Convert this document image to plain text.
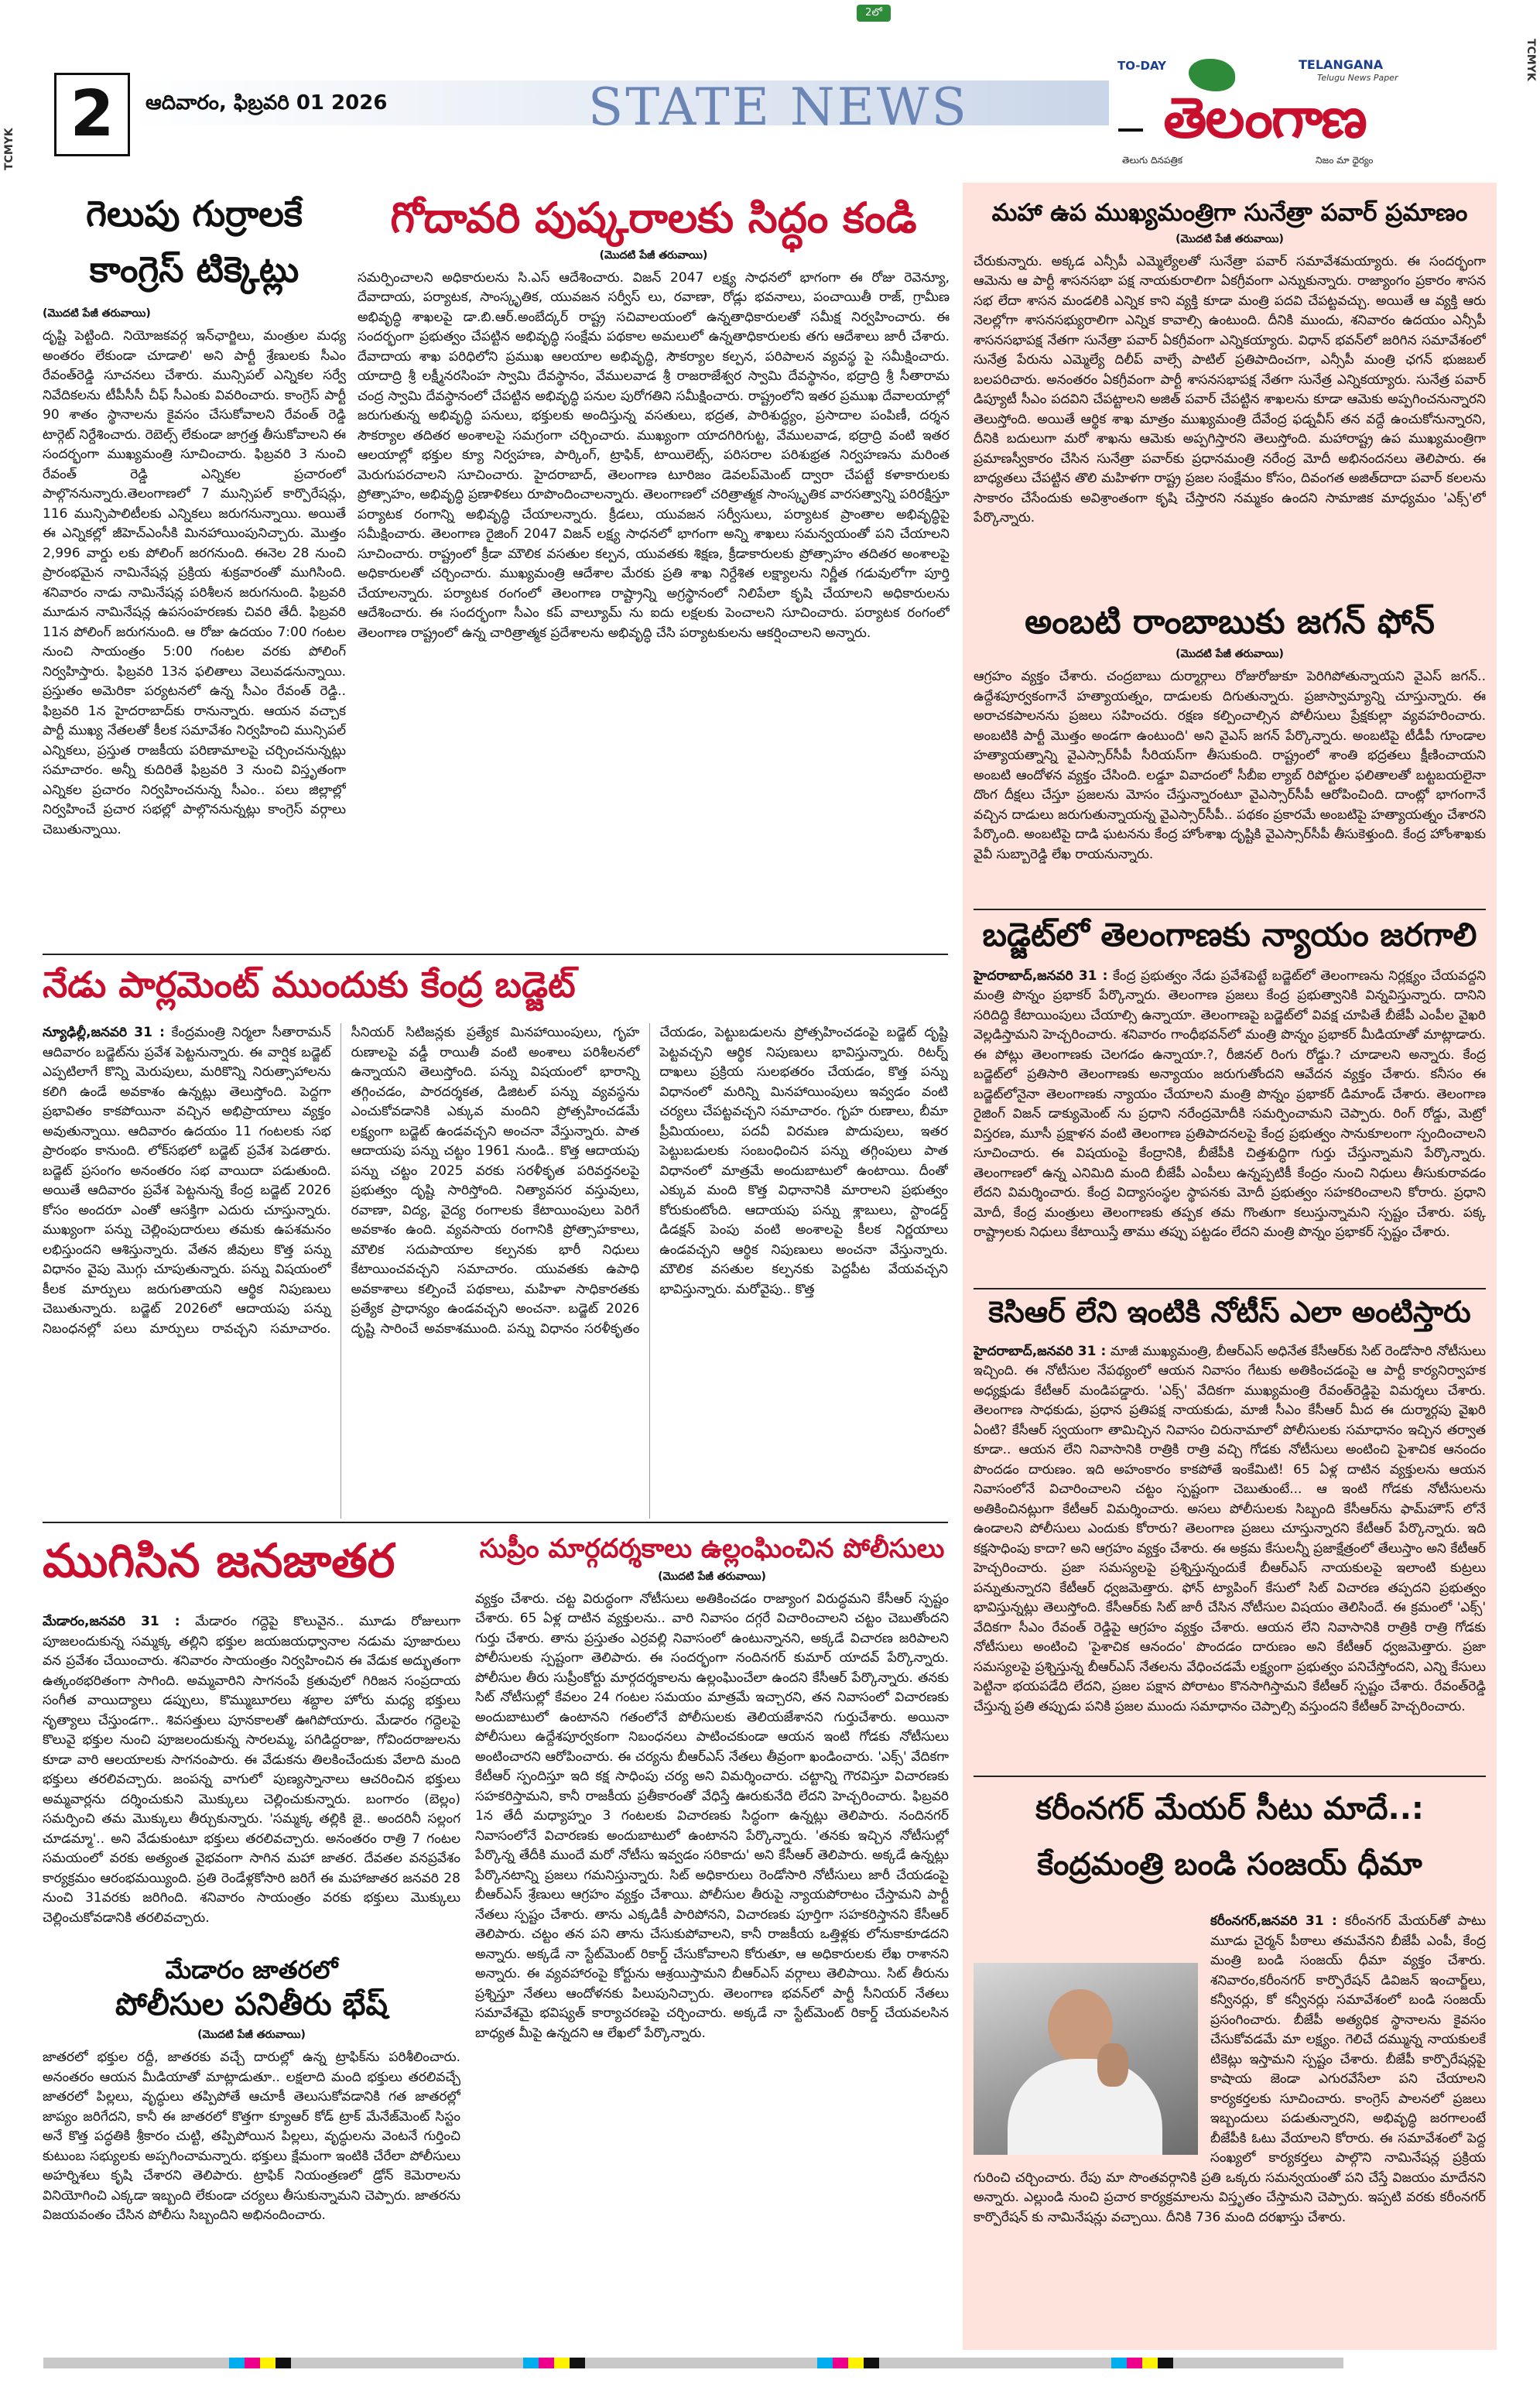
2లో
TCMYK
TCMYK
2	ఆదివారం, ఫిబ్రవరి 01 2026	STATE NEWS
TO-DAY	TELANGANA
Telugu News Paper
తెలంగాణ
తెలుగు దినపత్రిక	నిజం మా ధైర్యం
గెలుపు గుర్రాలకే
కాంగ్రెస్ టిక్కెట్లు
(మొదటి పేజీ తరువాయి)

దృష్టి పెట్టింది. నియోజకవర్గ ఇన్‌ఛార్జిలు, మంత్రుల మధ్య అంతరం లేకుండా చూడాలి' అని పార్టీ శ్రేణులకు సీఎం రేవంత్‌రెడ్డి సూచనలు చేశారు. మున్సిపల్ ఎన్నికల సర్వే నివేదికలను టీపీసీసీ చీఫ్ సీఎంకు వివరించారు. కాంగ్రెస్ పార్టీ 90 శాతం స్థానాలను కైవసం చేసుకోవాలని రేవంత్ రెడ్డి టార్గెట్ నిర్దేశించారు. రెబెల్స్ లేకుండా జాగ్రత్త తీసుకోవాలని ఈ సందర్భంగా ముఖ్యమంత్రి సూచించారు. ఫిబ్రవరి 3 నుంచి రేవంత్ రెడ్డి ఎన్నికల ప్రచారంలో పాల్గొననున్నారు.తెలంగాణలో 7 మున్సిపల్ కార్పొరేషన్లు, 116 మున్సిపాలిటీలకు ఎన్నికలు జరుగనున్నాయి. అయితే ఈ ఎన్నికల్లో జీహెచ్ఎంసీకి మినహాయింపునిచ్చారు. మొత్తం 2,996 వార్డు లకు పోలింగ్ జరగనుంది. ఈనెల 28 నుంచి ప్రారంభమైన నామినేషన్ల ప్రక్రియ శుక్రవారంతో ముగిసింది. శనివారం నాడు నామినేషన్ల పరిశీలన జరుగనుంది. ఫిబ్రవరి మూడున నామినేషన్ల ఉపసంహరణకు చివరి తేదీ. ఫిబ్రవరి 11న పోలింగ్ జరుగనుంది. ఆ రోజు ఉదయం 7:00 గంటల నుంచి సాయంత్రం 5:00 గంటల వరకు పోలింగ్ నిర్వహిస్తారు. ఫిబ్రవరి 13న ఫలితాలు వెలువడనున్నాయి. ప్రస్తుతం అమెరికా పర్యటనలో ఉన్న సీఎం రేవంత్ రెడ్డి.. ఫిబ్రవరి 1న హైదరాబాద్‌కు రానున్నారు. ఆయన వచ్చాక పార్టీ ముఖ్య నేతలతో కీలక సమావేశం నిర్వహించి మున్సిపల్ ఎన్నికలు, ప్రస్తుత రాజకీయ పరిణామాలపై చర్చించనున్నట్లు సమాచారం. అన్నీ కుదిరితే ఫిబ్రవరి 3 నుంచి విస్తృతంగా ఎన్నికల ప్రచారం నిర్వహించనున్న సీఎం.. పలు జిల్లాల్లో నిర్వహించే ప్రచార సభల్లో పాల్గొననున్నట్లు కాంగ్రెస్ వర్గాలు చెబుతున్నాయి.

గోదావరి పుష్కరాలకు సిద్ధం కండి
(మొదటి పేజీ తరువాయి)

సమర్పించాలని అధికారులను సి.ఎస్ ఆదేశించారు. విజన్ 2047 లక్ష్య సాధనలో భాగంగా ఈ రోజు రెవెన్యూ, దేవాదాయ, పర్యాటక, సాంస్కృతిక, యువజన సర్వీస్ లు, రవాణా, రోడ్లు భవనాలు, పంచాయితీ రాజ్, గ్రామీణ అభివృద్ధి శాఖలపై డా.బి.ఆర్.అంబేద్కర్ రాష్ట్ర సచివాలయంలో ఉన్నతాధికారులతో సమీక్ష నిర్వహించారు. ఈ సందర్భంగా ప్రభుత్వం చేపట్టిన అభివృద్ధి సంక్షేమ పథకాల అమలులో ఉన్నతాధికారులకు తగు ఆదేశాలు జారీ చేశారు. దేవాదాయ శాఖ పరిధిలోని ప్రముఖ ఆలయాల అభివృద్ధి, సౌకర్యాల కల్పన, పరిపాలన వ్యవస్థ పై సమీక్షించారు. యాదాద్రి శ్రీ లక్ష్మీనరసింహ స్వామి దేవస్థానం, వేములవాడ శ్రీ రాజరాజేశ్వర స్వామి దేవస్థానం, భద్రాద్రి శ్రీ సీతారామ చంద్ర స్వామి దేవస్థానంలో చేపట్టిన అభివృద్ధి పనుల పురోగతిని సమీక్షించారు. రాష్ట్రంలోని ఇతర ప్రముఖ దేవాలయాల్లో జరుగుతున్న అభివృద్ధి పనులు, భక్తులకు అందిస్తున్న వసతులు, భద్రత, పారిశుద్ధ్యం, ప్రసాదాల పంపిణీ, దర్శన సౌకర్యాల తదితర అంశాలపై సమగ్రంగా చర్చించారు. ముఖ్యంగా యాదగిరిగుట్ట, వేములవాడ, భద్రాద్రి వంటి ఇతర ఆలయాల్లో భక్తుల క్యూ నిర్వహణ, పార్కింగ్, ట్రాఫిక్, టాయిలెట్స్, పరిసరాల పరిశుభ్రత నిర్వహణను మరింత మెరుగుపరచాలని సూచించారు. హైదరాబాద్, తెలంగాణ టూరిజం డెవలప్‌మెంట్ ద్వారా చేపట్టే కళాకారులకు ప్రోత్సాహం, అభివృద్ధి ప్రణాళికలు రూపొందించాలన్నారు. తెలంగాణలో చరిత్రాత్మక సాంస్కృతిక వారసత్వాన్ని పరిరక్షిస్తూ పర్యాటక రంగాన్ని అభివృద్ధి చేయాలన్నారు. క్రీడలు, యువజన సర్వీసులు, పర్యాటక ప్రాంతాల అభివృద్ధిపై సమీక్షించారు. తెలంగాణ రైజింగ్ 2047 విజన్ లక్ష్య సాధనలో భాగంగా అన్ని శాఖలు సమన్వయంతో పని చేయాలని సూచించారు. రాష్ట్రంలో క్రీడా మౌలిక వసతుల కల్పన, యువతకు శిక్షణ, క్రీడాకారులకు ప్రోత్సాహం తదితర అంశాలపై అధికారులతో చర్చించారు. ముఖ్యమంత్రి ఆదేశాల మేరకు ప్రతి శాఖ నిర్దేశిత లక్ష్యాలను నిర్ణీత గడువులోగా పూర్తి చేయాలన్నారు. పర్యాటక రంగంలో తెలంగాణ రాష్ట్రాన్ని అగ్రస్థానంలో నిలిపేలా కృషి చేయాలని అధికారులను ఆదేశించారు. ఈ సందర్భంగా సీఎం కప్ వాల్యూమ్ ను ఐదు లక్షలకు పెంచాలని సూచించారు. పర్యాటక రంగంలో తెలంగాణ రాష్ట్రంలో ఉన్న చారిత్రాత్మక ప్రదేశాలను అభివృద్ధి చేసి పర్యాటకులను ఆకర్షించాలని అన్నారు.

మహా ఉప ముఖ్యమంత్రిగా సునేత్రా పవార్ ప్రమాణం
(మొదటి పేజీ తరువాయి)

చేరుకున్నారు. అక్కడ ఎన్సీపీ ఎమ్మెల్యేలతో సునేత్రా పవార్ సమావేశమయ్యారు. ఈ సందర్భంగా ఆమెను ఆ పార్టీ శాసనసభా పక్ష నాయకురాలిగా ఏకగ్రీవంగా ఎన్నుకున్నారు. రాజ్యాంగం ప్రకారం శాసన సభ లేదా శాసన మండలికి ఎన్నిక కాని వ్యక్తి కూడా మంత్రి పదవి చేపట్టవచ్చు. అయితే ఆ వ్యక్తి ఆరు నెలల్లోగా శాసనసభ్యురాలిగా ఎన్నిక కావాల్సి ఉంటుంది. దీనికి ముందు, శనివారం ఉదయం ఎన్సీపీ శాసనసభాపక్ష నేతగా సునేత్రా పవార్ ఏకగ్రీవంగా ఎన్నికయ్యారు. విధాన్ భవన్‌లో జరిగిన సమావేశంలో సునేత్ర పేరును ఎమ్మెల్యే దిలీప్ వాల్సే పాటిల్ ప్రతిపాదించగా, ఎన్సీపీ మంత్రి ఛగన్ భుజబల్ బలపరిచారు. అనంతరం ఏకగ్రీవంగా పార్టీ శాసనసభాపక్ష నేతగా సునేత్ర ఎన్నికయ్యారు. సునేత్ర పవార్ డిప్యూటీ సీఎం పదవిని చేపట్టాలని అజిత్ పవార్ చేపట్టిన శాఖలను కూడా ఆమెకు అప్పగించనున్నారని తెలుస్తోంది. అయితే ఆర్థిక శాఖ మాత్రం ముఖ్యమంత్రి దేవేంద్ర ఫడ్నవీస్ తన వద్దే ఉంచుకోనున్నారని, దీనికి బదులుగా మరో శాఖను ఆమెకు అప్పగిస్తారని తెలుస్తోంది. మహారాష్ట్ర ఉప ముఖ్యమంత్రిగా ప్రమాణస్వీకారం చేసిన సునేత్రా పవార్‌కు ప్రధానమంత్రి నరేంద్ర మోదీ అభినందనలు తెలిపారు. ఈ బాధ్యతలు చేపట్టిన తొలి మహిళగా రాష్ట్ర ప్రజల సంక్షేమం కోసం, దివంగత అజిత్‌దాదా పవార్ కలలను సాకారం చేసేందుకు అవిశ్రాంతంగా కృషి చేస్తారని నమ్మకం ఉందని సామాజిక మాధ్యమం 'ఎక్స్'లో పేర్కొన్నారు.

అంబటి రాంబాబుకు జగన్ ఫోన్
(మొదటి పేజీ తరువాయి)

ఆగ్రహం వ్యక్తం చేశారు. చంద్రబాబు దుర్మార్గాలు రోజురోజుకూ పెరిగిపోతున్నాయని వైఎస్ జగన్.. ఉద్దేశపూర్వకంగానే హత్యాయత్నం, దాడులకు దిగుతున్నారు. ప్రజాస్వామ్యాన్ని చూస్తున్నారు. ఈ అరాచకపాలనను ప్రజలు సహించరు. రక్షణ కల్పించాల్సిన పోలీసులు ప్రేక్షకుల్లా వ్యవహరించారు. అంబటికి పార్టీ మొత్తం అండగా ఉంటుంది' అని వైఎస్ జగన్ పేర్కొన్నారు. అంబటిపై టీడీపీ గూండాల హత్యాయత్నాన్ని వైఎస్సార్‌సీపీ సీరియస్‌గా తీసుకుంది. రాష్ట్రంలో శాంతి భద్రతలు క్షీణించాయని అంబటి ఆందోళన వ్యక్తం చేసింది. లడ్డూ వివాదంలో సీబీఐ ల్యాబ్ రిపోర్టుల ఫలితాలతో బట్టబయలైనా దొంగ దీక్షలు చేస్తూ ప్రజలను మోసం చేస్తున్నారంటూ వైఎస్సార్‌సీపీ ఆరోపించింది. దాంట్లో భాగంగానే వచ్చిన దాడులు జరుగుతున్నాయన్న వైఎస్సార్‌సీపీ.. పథకం ప్రకారమే అంబటిపై హత్యాయత్నం చేశారని పేర్కొంది. అంబటిపై దాడి ఘటనను కేంద్ర హోంశాఖ దృష్టికి వైఎస్సార్‌సీపీ తీసుకెళ్తుంది. కేంద్ర హోంశాఖకు వైవీ సుబ్బారెడ్డి లేఖ రాయనున్నారు.

బడ్జెట్‌లో తెలంగాణకు న్యాయం జరగాలి

హైదరాబాద్,జనవరి 31 : కేంద్ర ప్రభుత్వం నేడు ప్రవేశపెట్టే బడ్జెట్‌లో తెలంగాణను నిర్లక్ష్యం చేయవద్దని మంత్రి పొన్నం ప్రభాకర్ పేర్కొన్నారు. తెలంగాణ ప్రజలు కేంద్ర ప్రభుత్వానికి విన్నవిస్తున్నారు. దానిని సరిదిద్ది కేటాయింపులు చేయాల్సి ఉన్నాయా. తెలంగాణపై బడ్జెట్‌లో వివక్ష చూపితే బీజేపీ ఎంపీల వైఖరి వెల్లడిస్తామని హెచ్చరించారు. శనివారం గాంధీభవన్‌లో మంత్రి పొన్నం ప్రభాకర్ మీడియాతో మాట్లాడారు. ఈ పోట్లు తెలంగాణకు చెలగడం ఉన్నాయా.?, రీజినల్ రింగు రోడ్డు.? చూడాలని అన్నారు. కేంద్ర బడ్జెట్‌లో ప్రతిసారి తెలంగాణకు అన్యాయం జరుగుతోందని ఆవేదన వ్యక్తం చేశారు. కనీసం ఈ బడ్జెట్‌లోనైనా తెలంగాణకు న్యాయం చేయాలని మంత్రి పొన్నం ప్రభాకర్ డిమాండ్ చేశారు. తెలంగాణ రైజింగ్ విజన్ డాక్యుమెంట్ ను ప్రధాని నరేంద్రమోదీకి సమర్పించామని చెప్పారు. రింగ్ రోడ్డు, మెట్రో విస్తరణ, మూసీ ప్రక్షాళన వంటి తెలంగాణ ప్రతిపాదనలపై కేంద్ర ప్రభుత్వం సానుకూలంగా స్పందించాలని సూచించారు. ఈ విషయంపై కేంద్రానికి, బీజేపీకి చిత్తశుద్ధిగా గుర్తు చేస్తున్నామని పేర్కొన్నారు. తెలంగాణలో ఉన్న ఎనిమిది మంది బీజేపీ ఎంపీలు ఉన్నప్పటికీ కేంద్రం నుంచి నిధులు తీసుకురావడం లేదని విమర్శించారు. కేంద్ర విద్యాసంస్థల స్థాపనకు మోదీ ప్రభుత్వం సహకరించాలని కోరారు. ప్రధాని మోదీ, కేంద్ర మంత్రులు తెలంగాణకు తప్పక తమ గొంతుగా కలుస్తున్నామని స్పష్టం చేశారు. పక్క రాష్ట్రాలకు నిధులు కేటాయిస్తే తాము తప్పు పట్టడం లేదని మంత్రి పొన్నం ప్రభాకర్ స్పష్టం చేశారు.

కెసిఆర్ లేని ఇంటికి నోటీస్ ఎలా అంటిస్తారు

హైదరాబాద్,జనవరి 31 : మాజీ ముఖ్యమంత్రి, బీఆర్ఎస్ అధినేత కేసీఆర్‌కు సిట్ రెండోసారి నోటీసులు ఇచ్చింది. ఈ నోటీసుల నేపథ్యంలో ఆయన నివాసం గేటుకు అతికించడంపై ఆ పార్టీ కార్యనిర్వాహక అధ్యక్షుడు కేటీఆర్ మండిపడ్డారు. 'ఎక్స్' వేదికగా ముఖ్యమంత్రి రేవంత్‌రెడ్డిపై విమర్శలు చేశారు. తెలంగాణ సాధకుడు, ప్రధాన ప్రతిపక్ష నాయకుడు, మాజీ సీఎం కేసీఆర్ మీద ఈ దుర్మార్గపు వైఖరి ఏంటి? కేసీఆర్ స్వయంగా తామిచ్చిన నివాసం చిరునామాలో పోలీసులకు సమాధానం ఇచ్చిన తర్వాత కూడా.. ఆయన లేని నివాసానికి రాత్రికి రాత్రి వచ్చి గోడకు నోటీసులు అంటించి పైశాచిక ఆనందం పొందడం దారుణం. ఇది అహంకారం కాకపోతే ఇంకేమిటి! 65 ఏళ్ల దాటిన వ్యక్తులను ఆయన నివాసంలోనే విచారించాలని చట్టం స్పష్టంగా చెబుతుంటే... ఆ ఇంటి గోడకు నోటీసులను అతికించినట్లుగా కేటీఆర్ విమర్శించారు. అసలు పోలీసులకు సిబ్బంది కేసీఆర్‌ను ఫామ్‌హౌస్ లోనే ఉండాలని పోలీసులు ఎందుకు కోరారు? తెలంగాణ ప్రజలు చూస్తున్నారని కేటీఆర్ పేర్కొన్నారు. ఇది కక్షసాధింపు కాదా? అని ఆగ్రహం వ్యక్తం చేశారు. ఈ అక్రమ కేసులన్నీ ప్రజాక్షేత్రంలో తేలుస్తాం అని కేటీఆర్ హెచ్చరించారు. ప్రజా సమస్యలపై ప్రశ్నిస్తున్నందుకే బీఆర్ఎస్ నాయకులపై ఇలాంటి కుట్రలు పన్నుతున్నారని కేటీఆర్ ధ్వజమెత్తారు. ఫోన్ ట్యాపింగ్ కేసులో సిట్ విచారణ తప్పదని ప్రభుత్వం భావిస్తున్నట్లు తెలుస్తోంది. కేసీఆర్‌కు సిట్ జారీ చేసిన నోటీసుల విషయం తెలిసిందే. ఈ క్రమంలో 'ఎక్స్' వేదికగా సీఎం రేవంత్ రెడ్డిపై ఆగ్రహం వ్యక్తం చేశారు. ఆయన లేని నివాసానికి రాత్రికి రాత్రి గోడకు నోటీసులు అంటించి 'పైశాచిక ఆనందం' పొందడం దారుణం అని కేటీఆర్ ధ్వజమెత్తారు. ప్రజా సమస్యలపై ప్రశ్నిస్తున్న బీఆర్ఎస్ నేతలను వేధించడమే లక్ష్యంగా ప్రభుత్వం పనిచేస్తోందని, ఎన్ని కేసులు పెట్టినా భయపడేది లేదని, ప్రజల పక్షాన పోరాటం కొనసాగిస్తామని కేటీఆర్ స్పష్టం చేశారు. రేవంత్‌రెడ్డి చేస్తున్న ప్రతి తప్పుడు పనికి ప్రజల ముందు సమాధానం చెప్పాల్సి వస్తుందని కేటీఆర్ హెచ్చరించారు.

కరీంనగర్ మేయర్ సీటు మాదే..:
కేంద్రమంత్రి బండి సంజయ్ ధీమా

కరీంనగర్,జనవరి 31 : కరీంనగర్ మేయర్‌తో పాటు మూడు చైర్మన్ పీఠాలు తమవేనని బీజేపీ ఎంపీ, కేంద్ర మంత్రి బండి సంజయ్ ధీమా వ్యక్తం చేశారు. శనివారం,కరీంనగర్ కార్పొరేషన్ డివిజన్ ఇంచార్జ్‌లు, కన్వీనర్లు, కో కన్వీనర్లు సమావేశంలో బండి సంజయ్ ప్రసంగించారు. బీజేపీ అత్యధిక స్థానాలను కైవసం చేసుకోవడమే మా లక్ష్యం. గెలిచే దమ్మున్న నాయకులకే టికెట్లు ఇస్తామని స్పష్టం చేశారు. బీజేపీ కార్పొరేషన్లపై కాషాయ జెండా ఎగురవేసేలా పని చేయాలని కార్యకర్తలకు సూచించారు. కాంగ్రెస్ పాలనలో ప్రజలు ఇబ్బందులు పడుతున్నారని, అభివృద్ధి జరగాలంటే బీజేపీకి ఓటు వేయాలని కోరారు. ఈ సమావేశంలో పెద్ద సంఖ్యలో కార్యకర్తలు పాల్గొని నామినేషన్ల ప్రక్రియ గురించి చర్చించారు. రేపు మా సొంతవర్గానికి ప్రతి ఒక్కరు సమన్వయంతో పని చేస్తే విజయం మాదేనని అన్నారు. ఎల్లుండి నుంచి ప్రచార కార్యక్రమాలను విస్తృతం చేస్తామని చెప్పారు. ఇప్పటి వరకు కరీంనగర్ కార్పొరేషన్ కు నామినేషన్లు వచ్చాయి. దీనికి 736 మంది దరఖాస్తు చేశారు.

నేడు పార్లమెంట్ ముందుకు కేంద్ర బడ్జెట్

న్యూఢిల్లీ,జనవరి 31 : కేంద్రమంత్రి నిర్మలా సీతారామన్ ఆదివారం బడ్జెట్‌ను ప్రవేశ పెట్టనున్నారు. ఈ వార్షిక బడ్జెట్ ఎప్పటిలాగే కొన్ని మెరుపులు, మరికొన్ని నిరుత్సాహాలను కలిగి ఉండే అవకాశం ఉన్నట్లు తెలుస్తోంది. పెద్దగా ప్రభావితం కాకపోయినా వచ్చిన అభిప్రాయాలు వ్యక్తం అవుతున్నాయి. ఆదివారం ఉదయం 11 గంటలకు సభ ప్రారంభం కానుంది. లోక్‌సభలో బడ్జెట్ ప్రవేశ పెడతారు. బడ్జెట్ ప్రసంగం అనంతరం సభ వాయిదా పడుతుంది. అయితే ఆదివారం ప్రవేశ పెట్టనున్న కేంద్ర బడ్జెట్ 2026 కోసం అందరూ ఎంతో ఆసక్తిగా ఎదురు చూస్తున్నారు. ముఖ్యంగా పన్ను చెల్లింపుదారులు తమకు ఉపశమనం లభిస్తుందని ఆశిస్తున్నారు. వేతన జీవులు కొత్త పన్ను విధానం వైపు మొగ్గు చూపుతున్నారు. పన్ను విషయంలో కీలక మార్పులు జరుగుతాయని ఆర్థిక నిపుణులు చెబుతున్నారు. బడ్జెట్ 2026లో ఆదాయపు పన్ను నిబంధనల్లో పలు మార్పులు రావచ్చని సమాచారం. సీనియర్ సిటిజన్లకు ప్రత్యేక మినహాయింపులు, గృహ రుణాలపై వడ్డీ రాయితీ వంటి అంశాలు పరిశీలనలో ఉన్నాయని తెలుస్తోంది. పన్ను విషయంలో భారాన్ని తగ్గించడం, పారదర్శకత, డిజిటల్ పన్ను వ్యవస్థను ఎంచుకోవడానికి ఎక్కువ మందిని ప్రోత్సహించడమే లక్ష్యంగా బడ్జెట్ ఉండవచ్చని అంచనా వేస్తున్నారు. పాత ఆదాయపు పన్ను చట్టం 1961 నుండి.. కొత్త ఆదాయపు పన్ను చట్టం 2025 వరకు సరళీకృత పరివర్తనలపై ప్రభుత్వం దృష్టి సారిస్తోంది. నిత్యావసర వస్తువులు, రవాణా, విద్య, వైద్య రంగాలకు కేటాయింపులు పెరిగే అవకాశం ఉంది. వ్యవసాయ రంగానికి ప్రోత్సాహకాలు, మౌలిక సదుపాయాల కల్పనకు భారీ నిధులు కేటాయించవచ్చని సమాచారం. యువతకు ఉపాధి అవకాశాలు కల్పించే పథకాలు, మహిళా సాధికారతకు ప్రత్యేక ప్రాధాన్యం ఉండవచ్చని అంచనా. బడ్జెట్ 2026 దృష్టి సారించే అవకాశముంది. పన్ను విధానం సరళీకృతం చేయడం, పెట్టుబడులను ప్రోత్సహించడంపై బడ్జెట్ దృష్టి పెట్టవచ్చని ఆర్థిక నిపుణులు భావిస్తున్నారు. రిటర్న్ దాఖలు ప్రక్రియ సులభతరం చేయడం, కొత్త పన్ను విధానంలో మరిన్ని మినహాయింపులు ఇవ్వడం వంటి చర్యలు చేపట్టవచ్చని సమాచారం. గృహ రుణాలు, బీమా ప్రీమియంలు, పదవీ విరమణ పొదుపులు, ఇతర పెట్టుబడులకు సంబంధించిన పన్ను తగ్గింపులు పాత విధానంలో మాత్రమే అందుబాటులో ఉంటాయి. దీంతో ఎక్కువ మంది కొత్త విధానానికి మారాలని ప్రభుత్వం కోరుకుంటోంది. ఆదాయపు పన్ను శ్లాబులు, స్టాండర్డ్ డిడక్షన్ పెంపు వంటి అంశాలపై కీలక నిర్ణయాలు ఉండవచ్చని ఆర్థిక నిపుణులు అంచనా వేస్తున్నారు. మౌలిక వసతుల కల్పనకు పెద్దపీట వేయవచ్చని భావిస్తున్నారు. మరోవైపు.. కొత్త

ముగిసిన జనజాతర

మేడారం,జనవరి 31 : మేడారం గద్దెపై కొలువైన.. మూడు రోజులుగా పూజలందుకున్న సమ్మక్క తల్లిని భక్తుల జయజయధ్వానాల నడుమ పూజారులు వన ప్రవేశం చేయించారు. శనివారం సాయంత్రం నిర్వహించిన ఈ వేడుక అద్భుతంగా ఉత్కంఠభరితంగా సాగింది. అమ్మవారిని సాగనంపే క్రతువులో గిరిజన సంప్రదాయ సంగీత వాయిద్యాలు డప్పులు, కొమ్ముబూరలు శబ్దాల హోరు మధ్య భక్తులు నృత్యాలు చేస్తుండగా.. శివసత్తులు పూనకాలతో ఊగిపోయారు. మేడారం గద్దెలపై కొలువై భక్తుల నుంచి పూజలందుకున్న సారలమ్మ, పగిడిద్దరాజు, గోవిందరాజులను కూడా వారి ఆలయాలకు సాగనంపారు. ఈ వేడుకను తిలకించేందుకు వేలాది మంది భక్తులు తరలివచ్చారు. జంపన్న వాగులో పుణ్యస్నానాలు ఆచరించిన భక్తులు అమ్మవార్లను దర్శించుకుని మొక్కులు చెల్లించుకున్నారు. బంగారం (బెల్లం) సమర్పించి తమ మొక్కులు తీర్చుకున్నారు. 'సమ్మక్క తల్లికి జై.. అందరినీ సల్లంగ చూడమ్మా'.. అని వేడుకుంటూ భక్తులు తరలివచ్చారు. అనంతరం రాత్రి 7 గంటల సమయంలో వరకు అత్యంత వైభవంగా సాగిన మహా జాతర. దేవతల వనప్రవేశం కార్యక్రమం ఆరంభమయ్యింది. ప్రతి రెండేళ్లకోసారి జరిగే ఈ మహాజాతర జనవరి 28 నుంచి 31వరకు జరిగింది. శనివారం సాయంత్రం వరకు భక్తులు మొక్కులు చెల్లించుకోవడానికి తరలివచ్చారు.

మేడారం జాతరలో
పోలీసుల పనితీరు భేష్
(మొదటి పేజీ తరువాయి)

జాతరలో భక్తుల రద్దీ, జాతరకు వచ్చే దారుల్లో ఉన్న ట్రాఫిక్‌ను పరిశీలించారు. అనంతరం ఆయన మీడియాతో మాట్లాడుతూ.. లక్షలాది మంది భక్తులు తరలివచ్చే జాతరలో పిల్లలు, వృద్ధులు తప్పిపోతే ఆచూకీ తెలుసుకోవడానికి గత జాతరల్లో జాప్యం జరిగేదని, కానీ ఈ జాతరలో కొత్తగా క్యూఆర్ కోడ్ ట్రాక్ మేనేజ్‌మెంట్ సిస్టం అనే కొత్త పద్ధతికి శ్రీకారం చుట్టి, తప్పిపోయిన పిల్లలు, వృద్ధులను వెంటనే గుర్తించి కుటుంబ సభ్యులకు అప్పగించామన్నారు. భక్తులు క్షేమంగా ఇంటికి చేరేలా పోలీసులు అహర్నిశలు కృషి చేశారని తెలిపారు. ట్రాఫిక్ నియంత్రణలో డ్రోన్ కెమెరాలను వినియోగించి ఎక్కడా ఇబ్బంది లేకుండా చర్యలు తీసుకున్నామని చెప్పారు. జాతరను విజయవంతం చేసిన పోలీసు సిబ్బందిని అభినందించారు.

సుప్రీం మార్గదర్శకాలు ఉల్లంఘించిన పోలీసులు
(మొదటి పేజీ తరువాయి)

వ్యక్తం చేశారు. చట్ట విరుద్ధంగా నోటీసులు అతికించడం రాజ్యాంగ విరుద్ధమని కేసీఆర్ స్పష్టం చేశారు. 65 ఏళ్ల దాటిన వ్యక్తులను.. వారి నివాసం దగ్గరే విచారించాలని చట్టం చెబుతోందని గుర్తు చేశారు. తాను ప్రస్తుతం ఎర్రవల్లి నివాసంలో ఉంటున్నానని, అక్కడే విచారణ జరిపాలని పోలీసులకు స్పష్టంగా తెలిపారు. ఈ సందర్భంగా నందినగర్ కుమార్ యాదవ్‌ పేర్కొన్నారు. పోలీసుల తీరు సుప్రీంకోర్టు మార్గదర్శకాలను ఉల్లంఘించేలా ఉందని కేసీఆర్ పేర్కొన్నారు. తనకు సిట్ నోటీసుల్లో కేవలం 24 గంటల సమయం మాత్రమే ఇచ్చారని, తన నివాసంలో విచారణకు అందుబాటులో ఉంటానని గతంలోనే పోలీసులకు తెలియజేశానని గుర్తుచేశారు. అయినా పోలీసులు ఉద్దేశపూర్వకంగా నిబంధనలు పాటించకుండా ఆయన ఇంటి గోడకు నోటీసులు అంటించారని ఆరోపించారు. ఈ చర్యను బీఆర్ఎస్ నేతలు తీవ్రంగా ఖండించారు. 'ఎక్స్' వేదికగా కేటీఆర్ స్పందిస్తూ ఇది కక్ష సాధింపు చర్య అని విమర్శించారు. చట్టాన్ని గౌరవిస్తూ విచారణకు సహకరిస్తామని, కానీ రాజకీయ ప్రతీకారంతో వేధిస్తే ఊరుకునేది లేదని హెచ్చరించారు. ఫిబ్రవరి 1న తేదీ మధ్యాహ్నం 3 గంటలకు విచారణకు సిద్ధంగా ఉన్నట్లు తెలిపారు. నందినగర్ నివాసంలోనే విచారణకు అందుబాటులో ఉంటానని పేర్కొన్నారు. 'తనకు ఇచ్చిన నోటీసుల్లో పేర్కొన్న తేదీకి ముందే మరో నోటీసు ఇవ్వడం సరికాదు' అని కేసీఆర్ తెలిపారు. అక్కడే ఉన్నట్లు పేర్కొనటాన్ని ప్రజలు గమనిస్తున్నారు. సిట్ అధికారులు రెండోసారి నోటీసులు జారీ చేయడంపై బీఆర్ఎస్ శ్రేణులు ఆగ్రహం వ్యక్తం చేశాయి. పోలీసుల తీరుపై న్యాయపోరాటం చేస్తామని పార్టీ నేతలు స్పష్టం చేశారు. తాను ఎక్కడికీ పారిపోనని, విచారణకు పూర్తిగా సహకరిస్తానని కేసీఆర్ తెలిపారు. చట్టం తన పని తాను చేసుకుపోవాలని, కానీ రాజకీయ ఒత్తిళ్లకు లోనుకాకూడదని అన్నారు. అక్కడే నా స్టేట్‌మెంట్ రికార్డ్ చేసుకోవాలని కోరుతూ, ఆ అధికారులకు లేఖ రాశానని అన్నారు. ఈ వ్యవహారంపై కోర్టును ఆశ్రయిస్తామని బీఆర్ఎస్ వర్గాలు తెలిపాయి. సిట్ తీరును ప్రశ్నిస్తూ నేతలు ఆందోళనకు పిలుపునిచ్చారు. తెలంగాణ భవన్‌లో పార్టీ సీనియర్ నేతలు సమావేశమై భవిష్యత్ కార్యాచరణపై చర్చించారు. అక్కడే నా స్టేట్‌మెంట్ రికార్డ్ చేయవలసిన బాధ్యత మీపై ఉన్నదని ఆ లేఖలో పేర్కొన్నారు.
